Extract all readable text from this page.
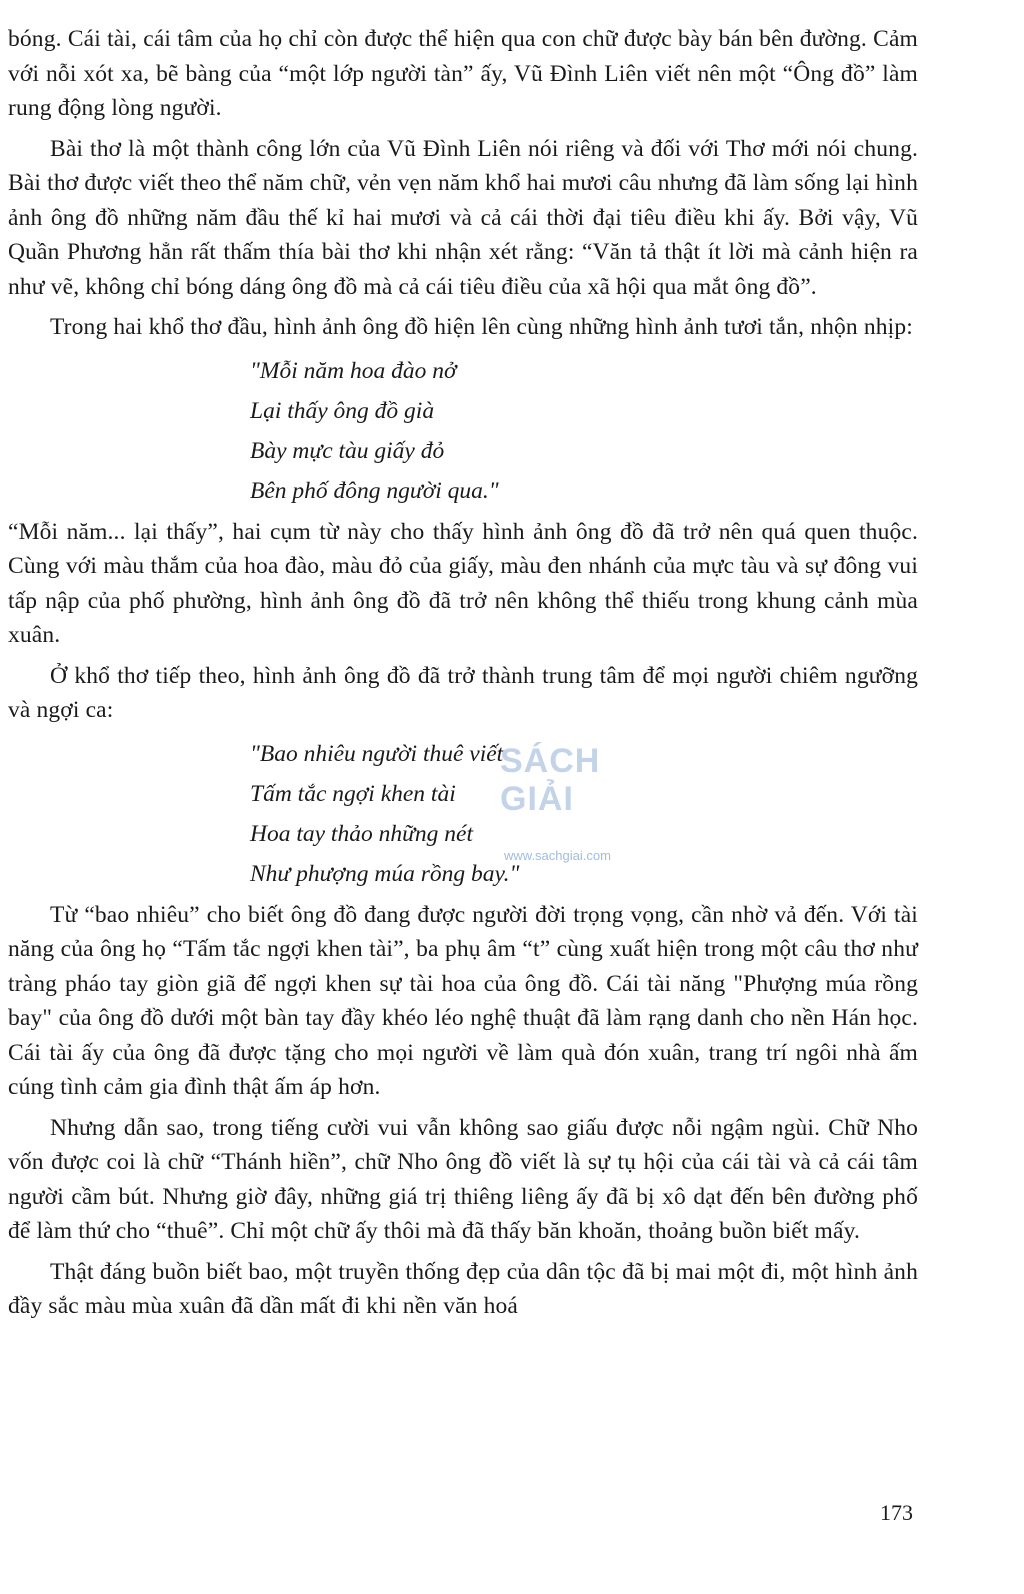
bóng. Cái tài, cái tâm của họ chỉ còn được thể hiện qua con chữ được bày bán bên đường. Cảm với nỗi xót xa, bẽ bàng của “một lớp người tàn” ấy, Vũ Đình Liên viết nên một “Ông đồ” làm rung động lòng người.

Bài thơ là một thành công lớn của Vũ Đình Liên nói riêng và đối với Thơ mới nói chung. Bài thơ được viết theo thể năm chữ, vẻn vẹn năm khổ hai mươi câu nhưng đã làm sống lại hình ảnh ông đồ những năm đầu thế kỉ hai mươi và cả cái thời đại tiêu điều khi ấy. Bởi vậy, Vũ Quần Phương hẳn rất thấm thía bài thơ khi nhận xét rằng: “Văn tả thật ít lời mà cảnh hiện ra như vẽ, không chỉ bóng dáng ông đồ mà cả cái tiêu điều của xã hội qua mắt ông đồ”.

Trong hai khổ thơ đầu, hình ảnh ông đồ hiện lên cùng những hình ảnh tươi tắn, nhộn nhịp:

"Mỗi năm hoa đào nở
Lại thấy ông đồ già
Bày mực tàu giấy đỏ
Bên phố đông người qua."

“Mỗi năm... lại thấy”, hai cụm từ này cho thấy hình ảnh ông đồ đã trở nên quá quen thuộc. Cùng với màu thắm của hoa đào, màu đỏ của giấy, màu đen nhánh của mực tàu và sự đông vui tấp nập của phố phường, hình ảnh ông đồ đã trở nên không thể thiếu trong khung cảnh mùa xuân.

Ở khổ thơ tiếp theo, hình ảnh ông đồ đã trở thành trung tâm để mọi người chiêm ngưỡng và ngợi ca:

"Bao nhiêu người thuê viết
Tấm tắc ngợi khen tài
Hoa tay thảo những nét
Như phượng múa rồng bay."

Từ “bao nhiêu” cho biết ông đồ đang được người đời trọng vọng, cần nhờ vả đến. Với tài năng của ông họ “Tấm tắc ngợi khen tài”, ba phụ âm “t” cùng xuất hiện trong một câu thơ như tràng pháo tay giòn giã để ngợi khen sự tài hoa của ông đồ. Cái tài năng "Phượng múa rồng bay" của ông đồ dưới một bàn tay đầy khéo léo nghệ thuật đã làm rạng danh cho nền Hán học. Cái tài ấy của ông đã được tặng cho mọi người về làm quà đón xuân, trang trí ngôi nhà ấm cúng tình cảm gia đình thật ấm áp hơn.

Nhưng dẫn sao, trong tiếng cười vui vẫn không sao giấu được nỗi ngậm ngùi. Chữ Nho vốn được coi là chữ “Thánh hiền”, chữ Nho ông đồ viết là sự tụ hội của cái tài và cả cái tâm người cầm bút. Nhưng giờ đây, những giá trị thiêng liêng ấy đã bị xô dạt đến bên đường phố để làm thứ cho “thuê”. Chỉ một chữ ấy thôi mà đã thấy băn khoăn, thoảng buồn biết mấy.

Thật đáng buồn biết bao, một truyền thống đẹp của dân tộc đã bị mai một đi, một hình ảnh đầy sắc màu mùa xuân đã dần mất đi khi nền văn hoá

SÁCH GIẢI
www.sachgiai.com
173
